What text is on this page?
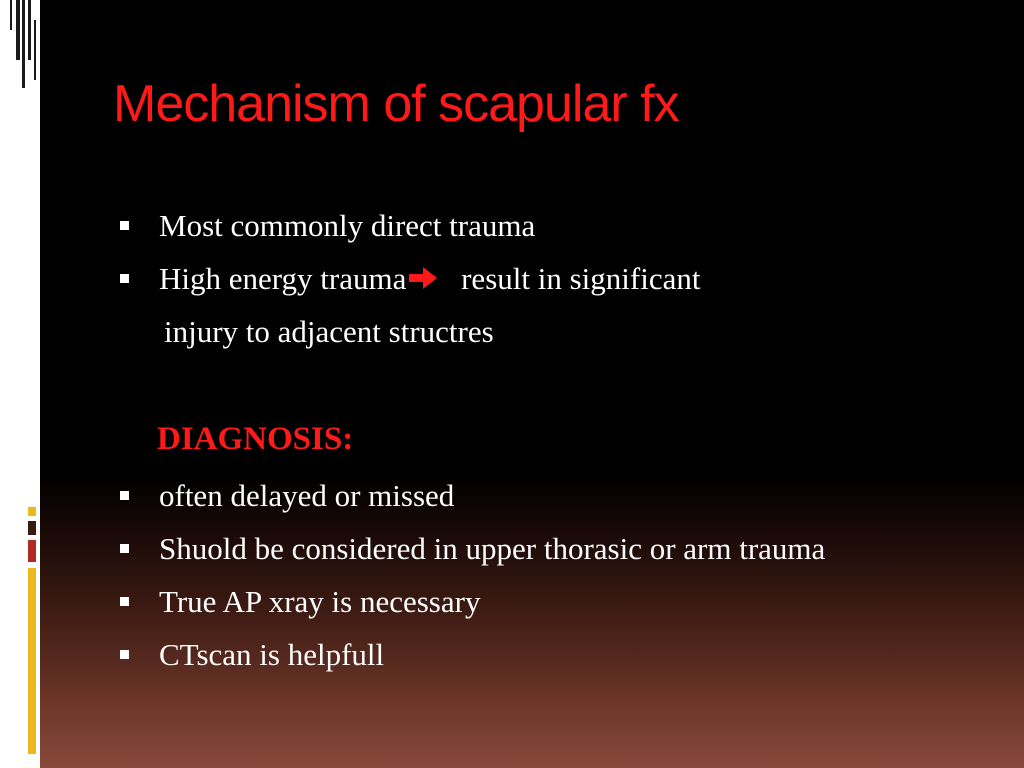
Mechanism of scapular fx
Most commonly direct trauma
High energy trauma result in significant
injury to adjacent structres
DIAGNOSIS:
often delayed or missed
Shuold be considered in upper thorasic or arm trauma
True AP xray is necessary
CTscan is helpfull
